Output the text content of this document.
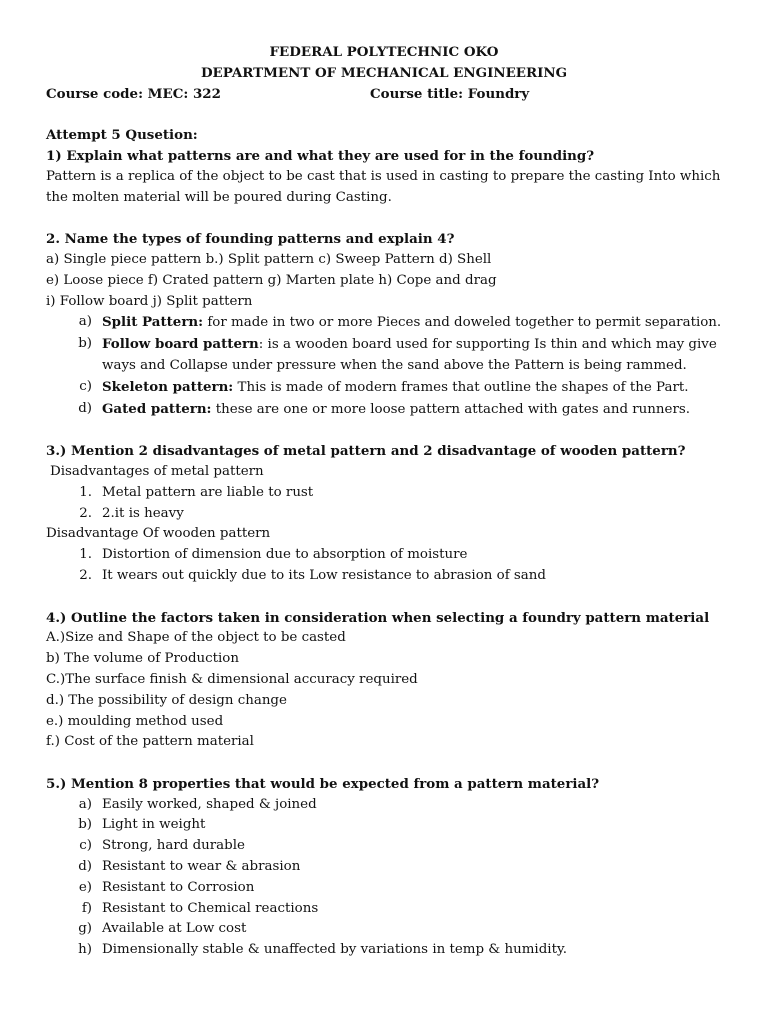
FEDERAL POLYTECHNIC OKO
DEPARTMENT OF MECHANICAL ENGINEERING
Course code: MEC: 322	Course title: Foundry
Attempt 5 Qusetion:
1) Explain what patterns are and what they are used for in the founding?

Pattern is a replica of the object to be cast that is used in casting to prepare the casting Into which

the molten material will be poured during Casting.

2. Name the types of founding patterns and explain 4?

a) Single piece pattern b.) Split pattern c) Sweep Pattern d) Shell

e) Loose piece f) Crated pattern g) Marten plate h) Cope and drag

i) Follow board j) Split pattern

a) Split Pattern: for made in two or more Pieces and doweled together to permit separation.
b) Follow board pattern: is a wooden board used for supporting Is thin and which may give
ways and Collapse under pressure when the sand above the Pattern is being rammed.
c) Skeleton pattern: This is made of modern frames that outline the shapes of the Part.
d) Gated pattern: these are one or more loose pattern attached with gates and runners.
3.) Mention 2 disadvantages of metal pattern and 2 disadvantage of wooden pattern?
Disadvantages of metal pattern
1. Metal pattern are liable to rust
2. 2.it is heavy
Disadvantage Of wooden pattern
1. Distortion of dimension due to absorption of moisture
2. It wears out quickly due to its Low resistance to abrasion of sand
4.) Outline the factors taken in consideration when selecting a foundry pattern material

A.)Size and Shape of the object to be casted

b) The volume of Production

C.)The surface finish & dimensional accuracy required

d.) The possibility of design change

e.) moulding method used

f.) Cost of the pattern material

5.) Mention 8 properties that would be expected from a pattern material?
a) Easily worked, shaped & joined
b) Light in weight
c) Strong, hard durable
d) Resistant to wear & abrasion
e) Resistant to Corrosion
f) Resistant to Chemical reactions
g) Available at Low cost
h) Dimensionally stable & unaffected by variations in temp & humidity.
